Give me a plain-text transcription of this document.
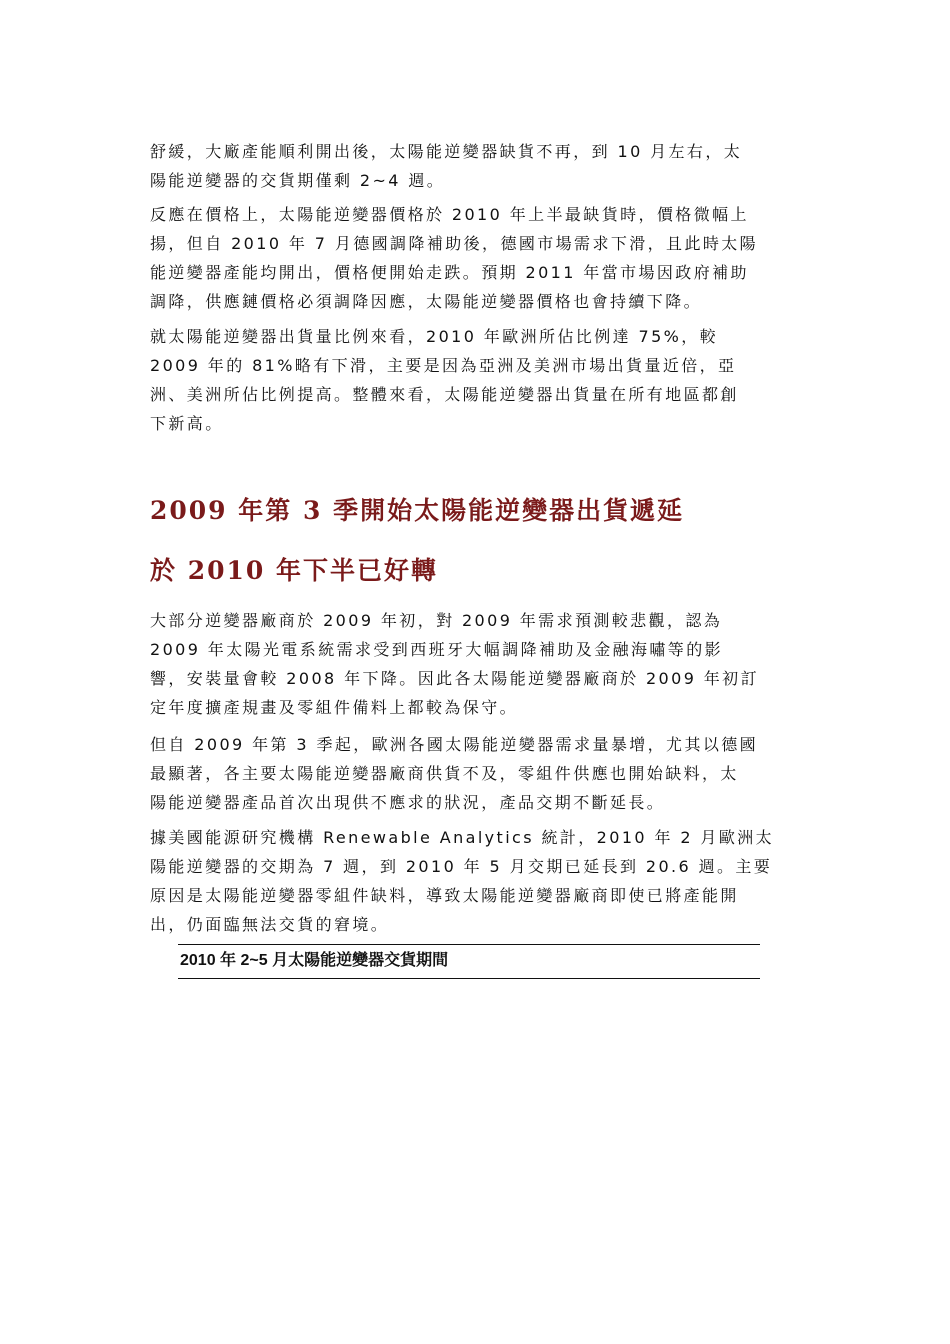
舒緩，大廠產能順利開出後，太陽能逆變器缺貨不再，到 10 月左右，太
陽能逆變器的交貨期僅剩 2~4 週。

反應在價格上，太陽能逆變器價格於 2010 年上半最缺貨時，價格微幅上
揚，但自 2010 年 7 月德國調降補助後，德國市場需求下滑，且此時太陽
能逆變器產能均開出，價格便開始走跌。預期 2011 年當市場因政府補助
調降，供應鏈價格必須調降因應，太陽能逆變器價格也會持續下降。

就太陽能逆變器出貨量比例來看，2010 年歐洲所佔比例達 75%，較
2009 年的 81%略有下滑，主要是因為亞洲及美洲市場出貨量近倍，亞
洲、美洲所佔比例提高。整體來看，太陽能逆變器出貨量在所有地區都創
下新高。

2009 年第 3 季開始太陽能逆變器出貨遞延
於 2010 年下半已好轉

大部分逆變器廠商於 2009 年初，對 2009 年需求預測較悲觀，認為
2009 年太陽光電系統需求受到西班牙大幅調降補助及金融海嘯等的影
響，安裝量會較 2008 年下降。因此各太陽能逆變器廠商於 2009 年初訂
定年度擴產規畫及零組件備料上都較為保守。

但自 2009 年第 3 季起，歐洲各國太陽能逆變器需求量暴增，尤其以德國
最顯著，各主要太陽能逆變器廠商供貨不及，零組件供應也開始缺料，太
陽能逆變器產品首次出現供不應求的狀況，產品交期不斷延長。

據美國能源研究機構 Renewable Analytics 統計，2010 年 2 月歐洲太
陽能逆變器的交期為 7 週，到 2010 年 5 月交期已延長到 20.6 週。主要
原因是太陽能逆變器零組件缺料，導致太陽能逆變器廠商即使已將產能開
出，仍面臨無法交貨的窘境。

2010 年 2~5 月太陽能逆變器交貨期間
